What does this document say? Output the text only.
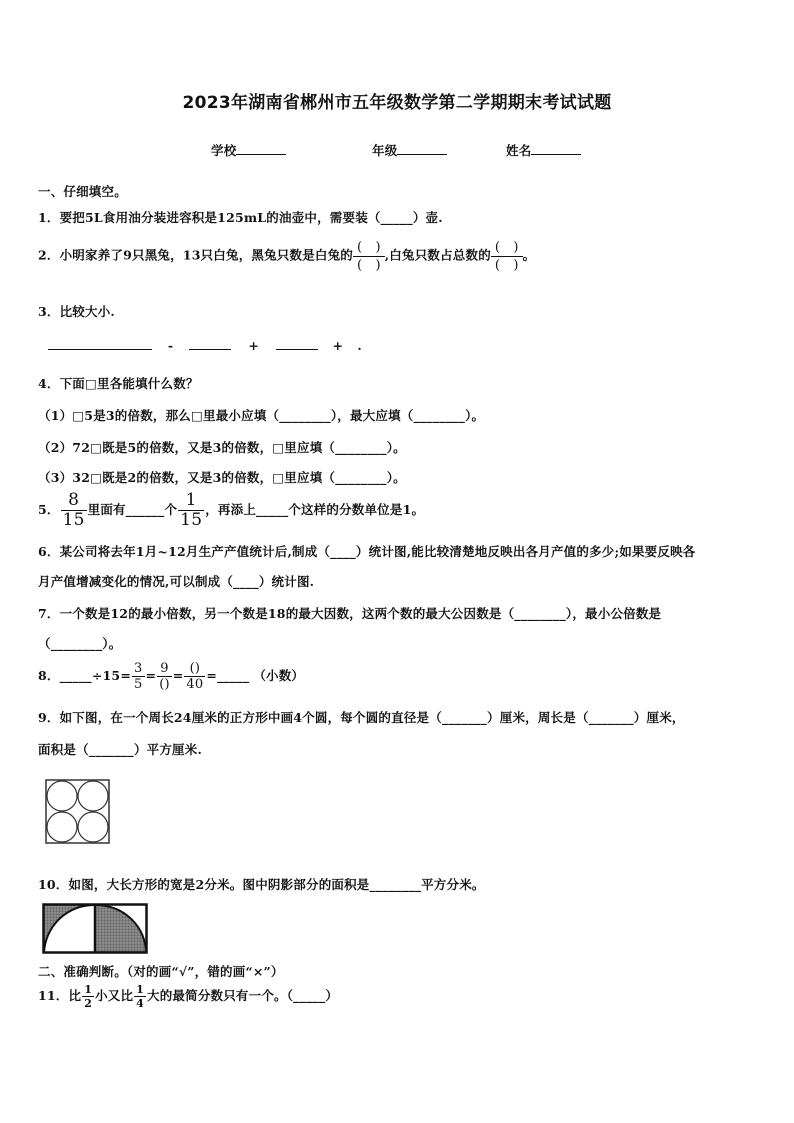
2023年湖南省郴州市五年级数学第二学期期末考试试题
学校	年级	姓名
一、仔细填空。
1．要把5L食用油分装进容积是125mL的油壶中，需要装（_____）壶.
2．小明家养了9只黑兔，13只白兔，黑兔只数是白兔的 $\frac{( )}{( )}$ ,白兔只数占总数的 $\frac{( )}{( )}$ 。
3．比较大小.
-	+	+ .
4．下面□里各能填什么数？
（1）□5是3的倍数，那么□里最小应填（________），最大应填（________）。
（2）72□既是5的倍数，又是3的倍数，□里应填（________）。
（3）32□既是2的倍数，又是3的倍数，□里应填（________）。
5． $\frac{8}{15}$ 里面有______个 $\frac{1}{15}$ ，再添上_____个这样的分数单位是1。
6．某公司将去年1月~12月生产产值统计后,制成（____）统计图,能比较清楚地反映出各月产值的多少;如果要反映各
月产值增减变化的情况,可以制成（____）统计图.
7．一个数是12的最小倍数，另一个数是18的最大因数，这两个数的最大公因数是（________），最小公倍数是
（________）。
8．_____÷15= $\frac{3}{5} = \frac{9}{()} = \frac{()}{40}$ =_____ （小数）
9．如下图，在一个周长24厘米的正方形中画4个圆，每个圆的直径是（_______）厘米，周长是（_______）厘米，
面积是（_______）平方厘米.
10．如图，大长方形的宽是2分米。图中阴影部分的面积是________平方分米。
二、准确判断。（对的画“√”，错的画“×”）
11．比 $\frac{1}{2}$ 小又比 $\frac{1}{4}$ 大的最简分数只有一个。（_____）
